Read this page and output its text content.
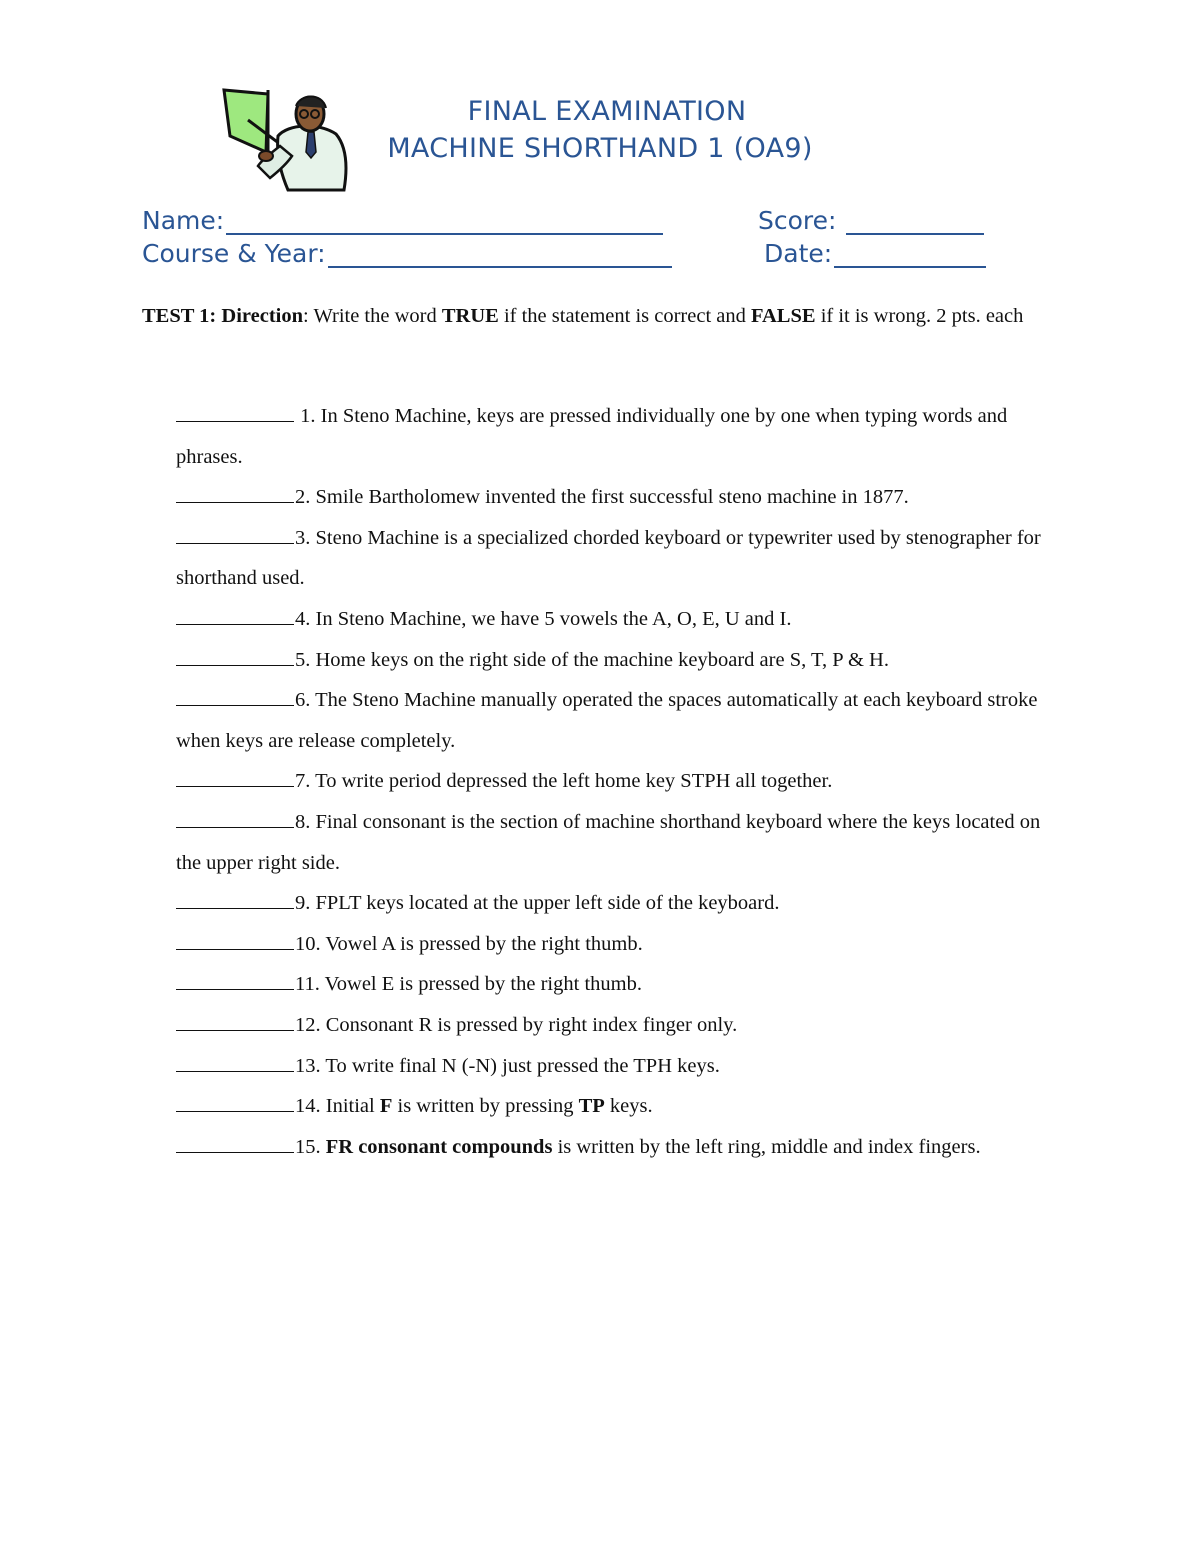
FINAL EXAMINATION
MACHINE SHORTHAND 1 (OA9)
Name:
Course & Year:
Score:
Date:
TEST 1: Direction: Write the word TRUE if the statement is correct and FALSE if it is wrong. 2 pts. each
1. In Steno Machine, keys are pressed individually one by one when typing words and phrases.
2. Smile Bartholomew invented the first successful steno machine in 1877.
3. Steno Machine is a specialized chorded keyboard or typewriter used by stenographer for shorthand used.
4. In Steno Machine, we have 5 vowels the A, O, E, U and I.
5. Home keys on the right side of the machine keyboard are S, T, P & H.
6. The Steno Machine manually operated the spaces automatically at each keyboard stroke when keys are release completely.
7. To write period depressed the left home key STPH all together.
8. Final consonant is the section of machine shorthand keyboard where the keys located on the upper right side.
9. FPLT keys located at the upper left side of the keyboard.
10. Vowel A is pressed by the right thumb.
11. Vowel E is pressed by the right thumb.
12. Consonant R is pressed by right index finger only.
13. To write final N (-N) just pressed the TPH keys.
14. Initial F is written by pressing TP keys.
15. FR consonant compounds is written by the left ring, middle and index fingers.
